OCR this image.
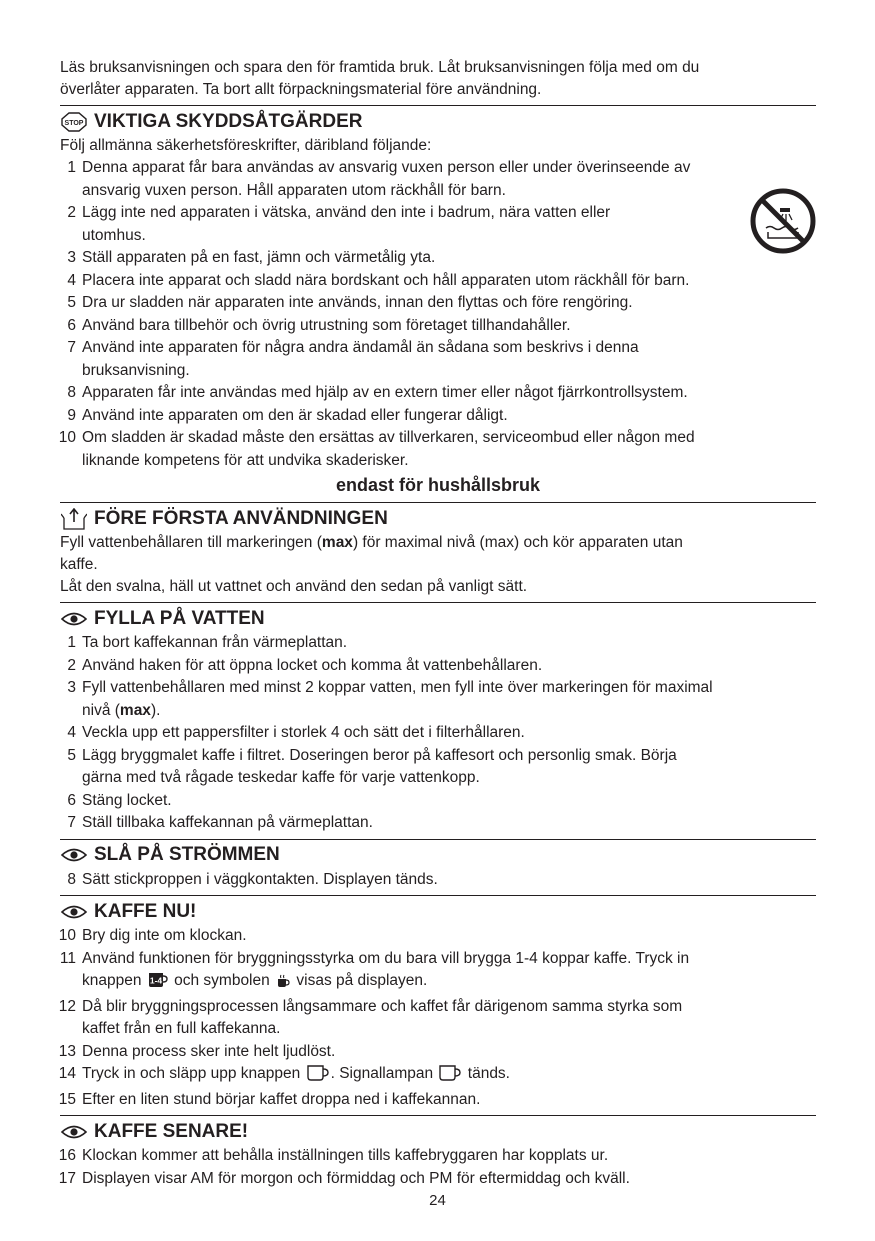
Läs bruksanvisningen och spara den för framtida bruk. Låt bruksanvisningen följa med om du
överlåter apparaten. Ta bort allt förpackningsmaterial före användning.
STOP VIKTIGA SKYDDSÅTGÄRDER
Följ allmänna säkerhetsföreskrifter, däribland följande:
1 Denna apparat får bara användas av ansvarig vuxen person eller under överinseende av
ansvarig vuxen person. Håll apparaten utom räckhåll för barn.
2 Lägg inte ned apparaten i vätska, använd den inte i badrum, nära vatten eller
utomhus.
3 Ställ apparaten på en fast, jämn och värmetålig yta.
4 Placera inte apparat och sladd nära bordskant och håll apparaten utom räckhåll för barn.
5 Dra ur sladden när apparaten inte används, innan den flyttas och före rengöring.
6 Använd bara tillbehör och övrig utrustning som företaget tillhandahåller.
7 Använd inte apparaten för några andra ändamål än sådana som beskrivs i denna
bruksanvisning.
8 Apparaten får inte användas med hjälp av en extern timer eller något fjärrkontrollsystem.
9 Använd inte apparaten om den är skadad eller fungerar dåligt.
10 Om sladden är skadad måste den ersättas av tillverkaren, serviceombud eller någon med
liknande kompetens för att undvika skaderisker.
endast för hushållsbruk
FÖRE FÖRSTA ANVÄNDNINGEN
Fyll vattenbehållaren till markeringen (max) för maximal nivå (max) och kör apparaten utan
kaffe.
Låt den svalna, häll ut vattnet och använd den sedan på vanligt sätt.
FYLLA PÅ VATTEN
1 Ta bort kaffekannan från värmeplattan.
2 Använd haken för att öppna locket och komma åt vattenbehållaren.
3 Fyll vattenbehållaren med minst 2 koppar vatten, men fyll inte över markeringen för maximal
nivå (max).
4 Veckla upp ett pappersfilter i storlek 4 och sätt det i filterhållaren.
5 Lägg bryggmalet kaffe i filtret. Doseringen beror på kaffesort och personlig smak. Börja
gärna med två rågade teskedar kaffe för varje vattenkopp.
6 Stäng locket.
7 Ställ tillbaka kaffekannan på värmeplattan.
SLÅ PÅ STRÖMMEN
8 Sätt stickproppen i väggkontakten. Displayen tänds.
KAFFE NU!
10 Bry dig inte om klockan.
11 Använd funktionen för bryggningsstyrka om du bara vill brygga 1-4 koppar kaffe. Tryck in
knappen 1-4 och symbolen visas på displayen.
12 Då blir bryggningsprocessen långsammare och kaffet får därigenom samma styrka som
kaffet från en full kaffekanna.
13 Denna process sker inte helt ljudlöst.
14 Tryck in och släpp upp knappen . Signallampan tänds.
15 Efter en liten stund börjar kaffet droppa ned i kaffekannan.
KAFFE SENARE!
16 Klockan kommer att behålla inställningen tills kaffebryggaren har kopplats ur.
17 Displayen visar AM för morgon och förmiddag och PM för eftermiddag och kväll.
24
